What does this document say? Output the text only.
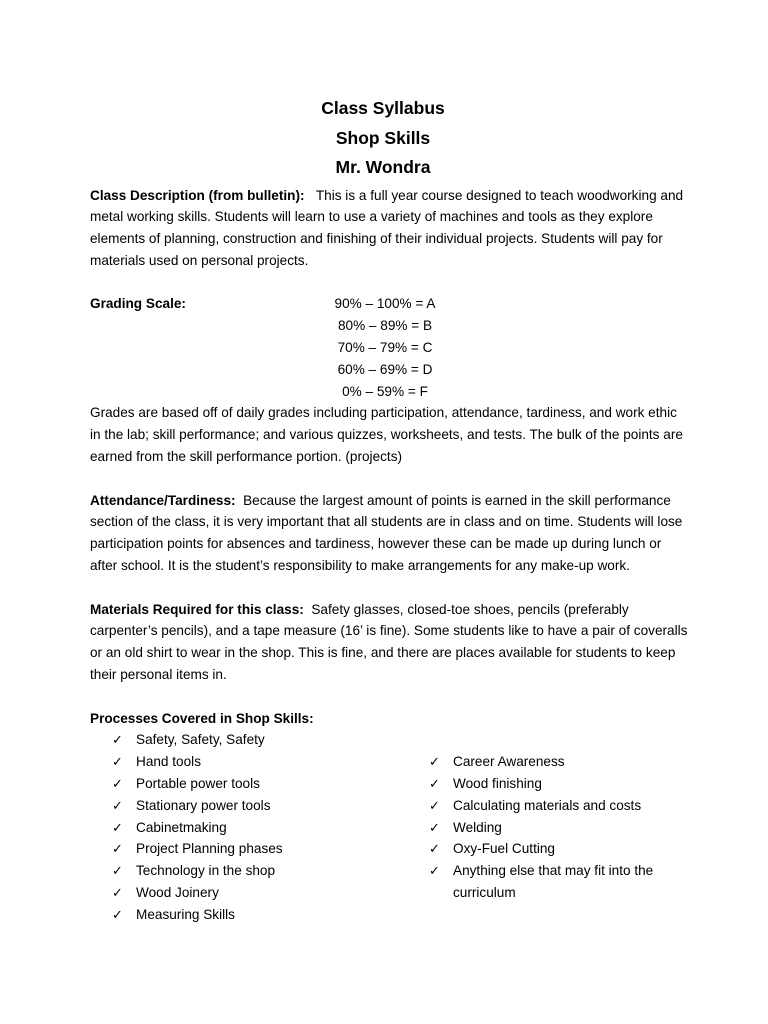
Class Syllabus
Shop Skills
Mr. Wondra

Class Description (from bulletin): This is a full year course designed to teach woodworking and metal working skills. Students will learn to use a variety of machines and tools as they explore elements of planning, construction and finishing of their individual projects. Students will pay for materials used on personal projects.

Grading Scale:	90% – 100% = A
80% – 89% = B
70% – 79% = C
60% – 69% = D
0% – 59% = F

Grades are based off of daily grades including participation, attendance, tardiness, and work ethic in the lab; skill performance; and various quizzes, worksheets, and tests. The bulk of the points are earned from the skill performance portion. (projects)

Attendance/Tardiness: Because the largest amount of points is earned in the skill performance section of the class, it is very important that all students are in class and on time. Students will lose participation points for absences and tardiness, however these can be made up during lunch or after school. It is the student’s responsibility to make arrangements for any make-up work.

Materials Required for this class: Safety glasses, closed-toe shoes, pencils (preferably carpenter’s pencils), and a tape measure (16’ is fine). Some students like to have a pair of coveralls or an old shirt to wear in the shop. This is fine, and there are places available for students to keep their personal items in.

Processes Covered in Shop Skills:

✓ Safety, Safety, Safety
✓ Hand tools
✓ Portable power tools
✓ Stationary power tools
✓ Cabinetmaking
✓ Project Planning phases
✓ Technology in the shop
✓ Wood Joinery
✓ Measuring Skills
✓ Career Awareness
✓ Wood finishing
✓ Calculating materials and costs
✓ Welding
✓ Oxy-Fuel Cutting
✓ Anything else that may fit into the curriculum
